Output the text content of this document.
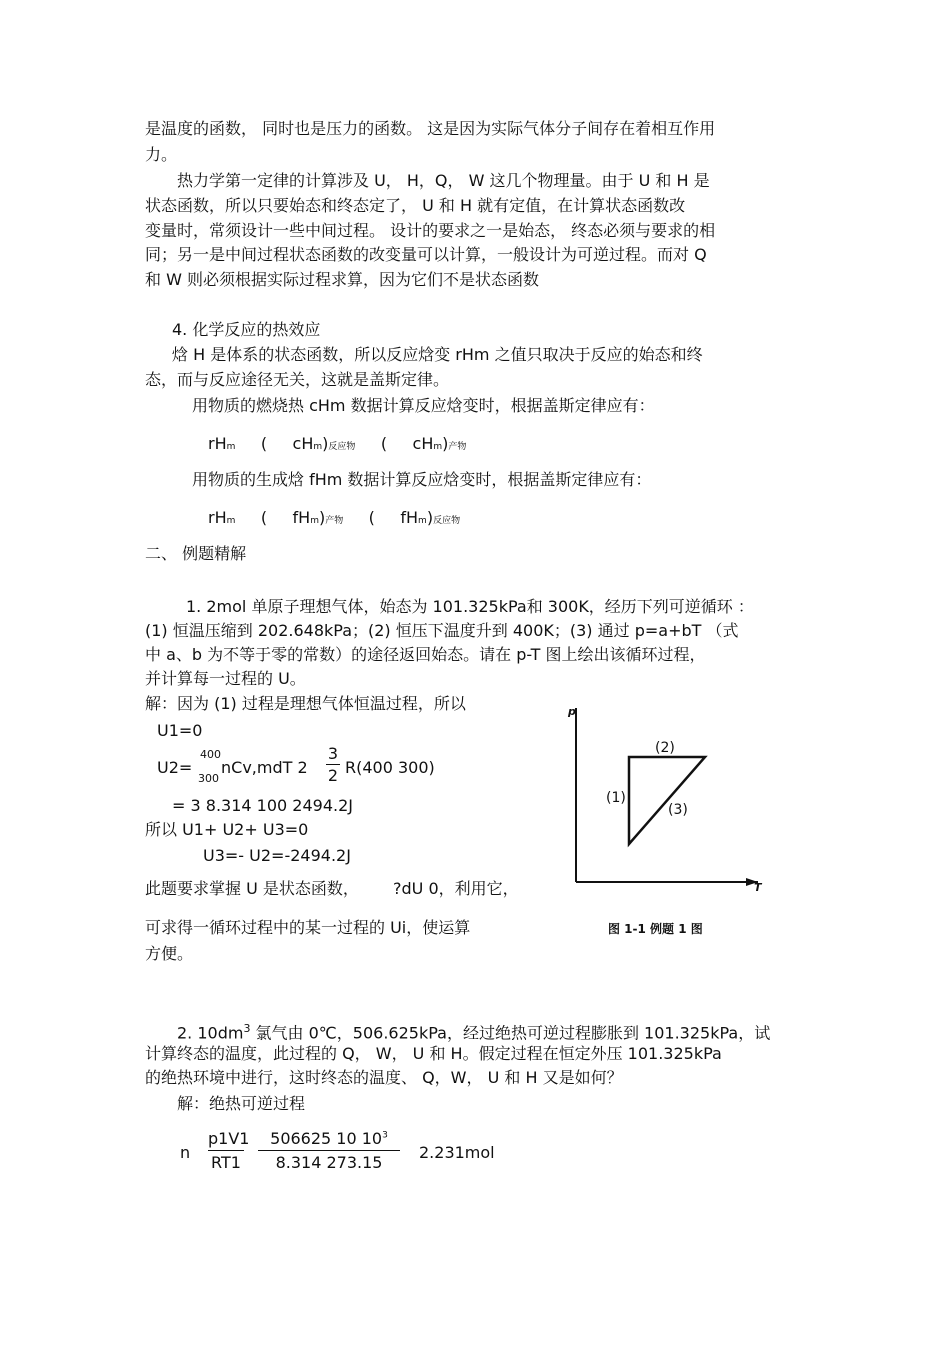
是温度的函数， 同时也是压力的函数。 这是因为实际气体分子间存在着相互作用
力。
热力学第一定律的计算涉及 U， H，Q， W 这几个物理量。由于 U 和 H 是
状态函数，所以只要始态和终态定了， U 和 H 就有定值，在计算状态函数改
变量时，常须设计一些中间过程。 设计的要求之一是始态， 终态必须与要求的相
同；另一是中间过程状态函数的改变量可以计算，一般设计为可逆过程。而对 Q
和 W 则必须根据实际过程求算，因为它们不是状态函数
4. 化学反应的热效应
焓 H 是体系的状态函数，所以反应焓变 rHm 之值只取决于反应的始态和终
态，而与反应途径无关，这就是盖斯定律。
用物质的燃烧热 cHm 数据计算反应焓变时，根据盖斯定律应有：
rHm ( cHm)反应物 ( cHm)产物
用物质的生成焓 fHm 数据计算反应焓变时，根据盖斯定律应有：
rHm ( fHm)产物 ( fHm)反应物
二、 例题精解
1. 2mol 单原子理想气体，始态为 101.325kPa和 300K，经历下列可逆循环 ：
(1) 恒温压缩到 202.648kPa；(2) 恒压下温度升到 400K；(3) 通过 p=a+bT （式
中 a、b 为不等于零的常数）的途径返回始态。请在 p-T 图上绘出该循环过程，
并计算每一过程的 U。
解：因为 (1) 过程是理想气体恒温过程，所以
U1=0
U2=
400
300
nCv,mdT 2
3
2 R(400 300)
= 3 8.314 100 2494.2J
所以 U1+ U2+ U3=0
U3=- U2=-2494.2J
此题要求掌握 U 是状态函数， ?dU 0，利用它，
可求得一循环过程中的某一过程的 Ui，使运算
方便。
p
T
(2)
(1)
(3)
图 1-1 例题 1 图
2. $10dm^3$ 氯气由 0℃，506.625kPa，经过绝热可逆过程膨胀到 101.325kPa，试
计算终态的温度，此过程的 Q， W， U 和 H。假定过程在恒定外压 101.325kPa
的绝热环境中进行，这时终态的温度、 Q，W， U 和 H 又是如何？
解：绝热可逆过程
n
p1V1
RT1
506625 10 $10^3$
8.314 273.15
2.231mol
